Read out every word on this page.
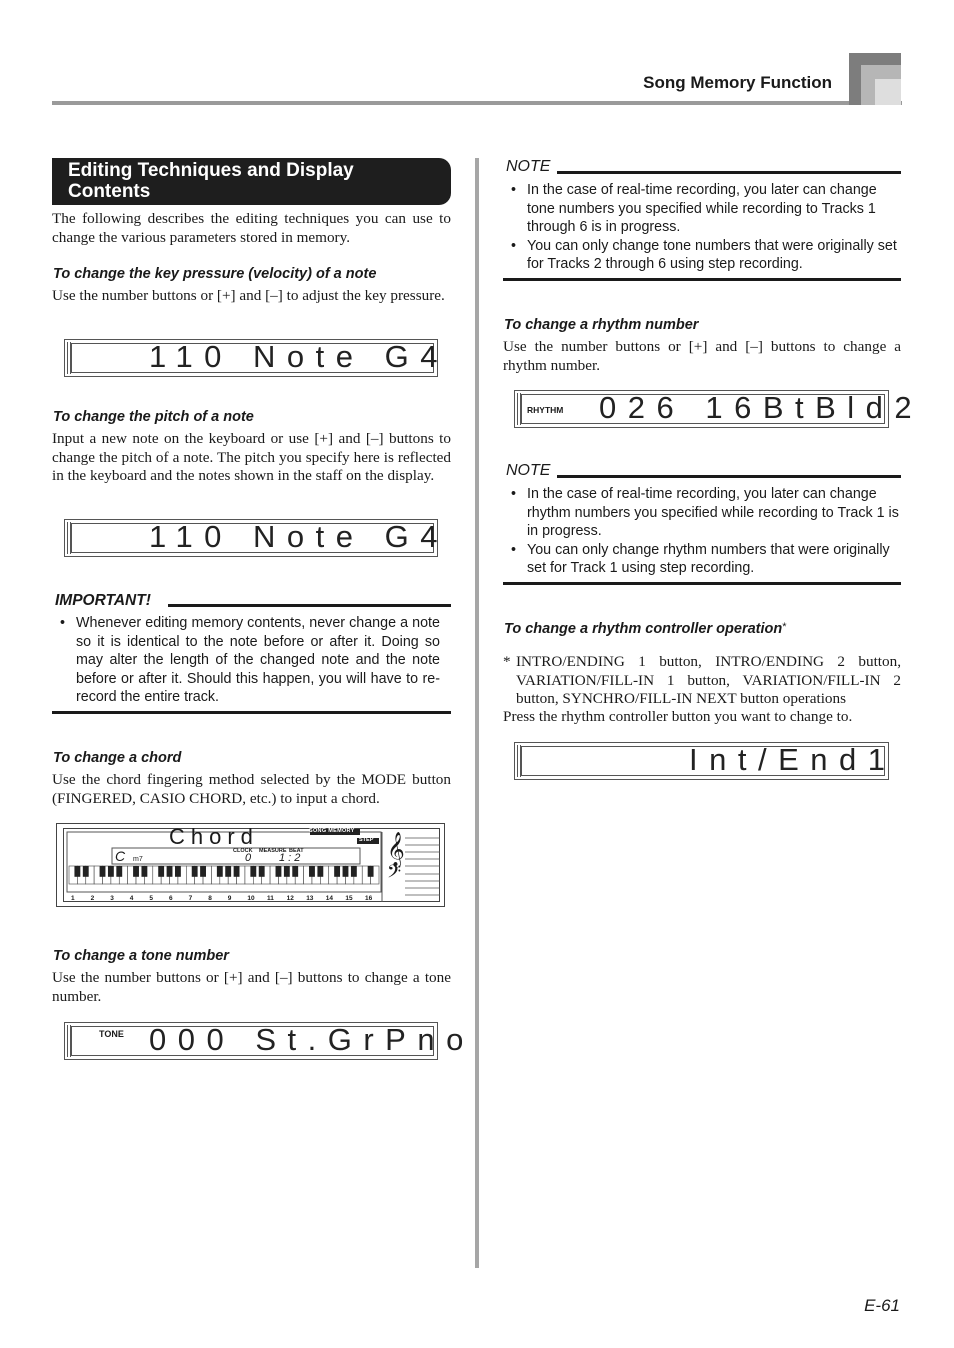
Song Memory Function
Editing Techniques and Display Contents
The following describes the editing techniques you can use to change the various parameters stored in memory.
To change the key pressure (velocity) of a note
Use the number buttons or [+] and [–] to adjust the key pressure.
110 Note G4
To change the pitch of a note
Input a new note on the keyboard or use [+] and [–] buttons to change the pitch of a note. The pitch you specify here is reflected in the keyboard and the notes shown in the staff on the display.
110 Note G4
IMPORTANT!
• Whenever editing memory contents, never change a note so it is identical to the note before or after it. Doing so may alter the length of the changed note and the note before or after it. Should this happen, you will have to re-record the entire track.
To change a chord
Use the chord fingering method selected by the MODE button (FINGERED, CASIO CHORD, etc.) to input a chord.
Chord	SONG MEMORY
STEP
C m7
CLOCK MEASURE BEAT
0	1 : 2	𝄞
𝄢
1 2 3 4 5 6 7 8 9 10 11 12 13 14 15 16
To change a tone number
Use the number buttons or [+] and [–] buttons to change a tone number.
TONE 000 St.GrPno
NOTE
• In the case of real-time recording, you later can change tone numbers you specified while recording to Tracks 1 through 6 is in progress.
• You can only change tone numbers that were originally set for Tracks 2 through 6 using step recording.
To change a rhythm number
Use the number buttons or [+] and [–] buttons to change a rhythm number.
RHYTHM 026 16BtBld2
NOTE
• In the case of real-time recording, you later can change rhythm numbers you specified while recording to Track 1 is in progress.
• You can only change rhythm numbers that were originally set for Track 1 using step recording.
To change a rhythm controller operation*
* INTRO/ENDING 1 button, INTRO/ENDING 2 button, VARIATION/FILL-IN 1 button, VARIATION/FILL-IN 2 button, SYNCHRO/FILL-IN NEXT button operations
Press the rhythm controller button you want to change to.
Int/End1
E-61
